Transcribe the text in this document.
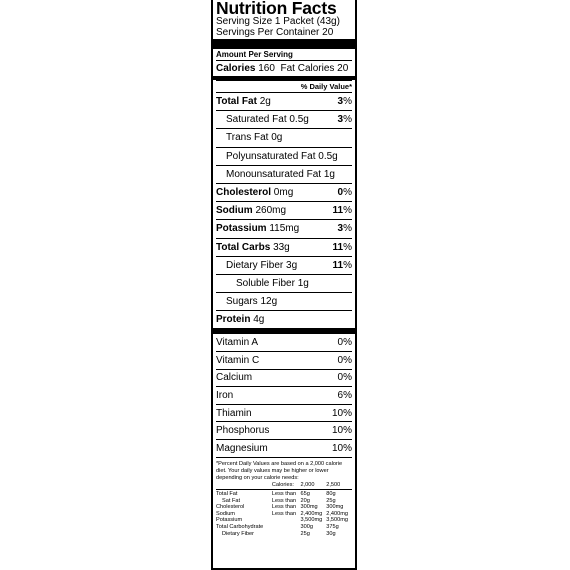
Nutrition Facts
Serving Size 1 Packet (43g)
Servings Per Container 20
Amount Per Serving
Calories
160
Fat Calories 20
% Daily Value*
Total Fat 2g	3%
Saturated Fat 0.5g	3%
Trans Fat 0g
Polyunsaturated Fat 0.5g
Monounsaturated Fat 1g
Cholesterol 0mg	0%
Sodium 260mg	11%
Potassium 115mg	3%
Total Carbs 33g	11%
Dietary Fiber 3g	11%
Soluble Fiber 1g
Sugars 12g
Protein 4g
Vitamin A	0%
Vitamin C	0%
Calcium	0%
Iron	6%
Thiamin	10%
Phosphorus	10%
Magnesium	10%
*Percent Daily Values are based on a 2,000 calorie diet. Your daily values may be higher or lower depending on your calorie needs:
	Calories:	2,000	2,500
Total Fat	Less than	65g	80g
Sat Fat	Less than	20g	25g
Cholesterol	Less than	300mg	300mg
Sodium	Less than	2,400mg	2,400mg
Potassium		3,500mg	3,500mg
Total Carbohydrate		300g	375g
Dietary Fiber		25g	30g
